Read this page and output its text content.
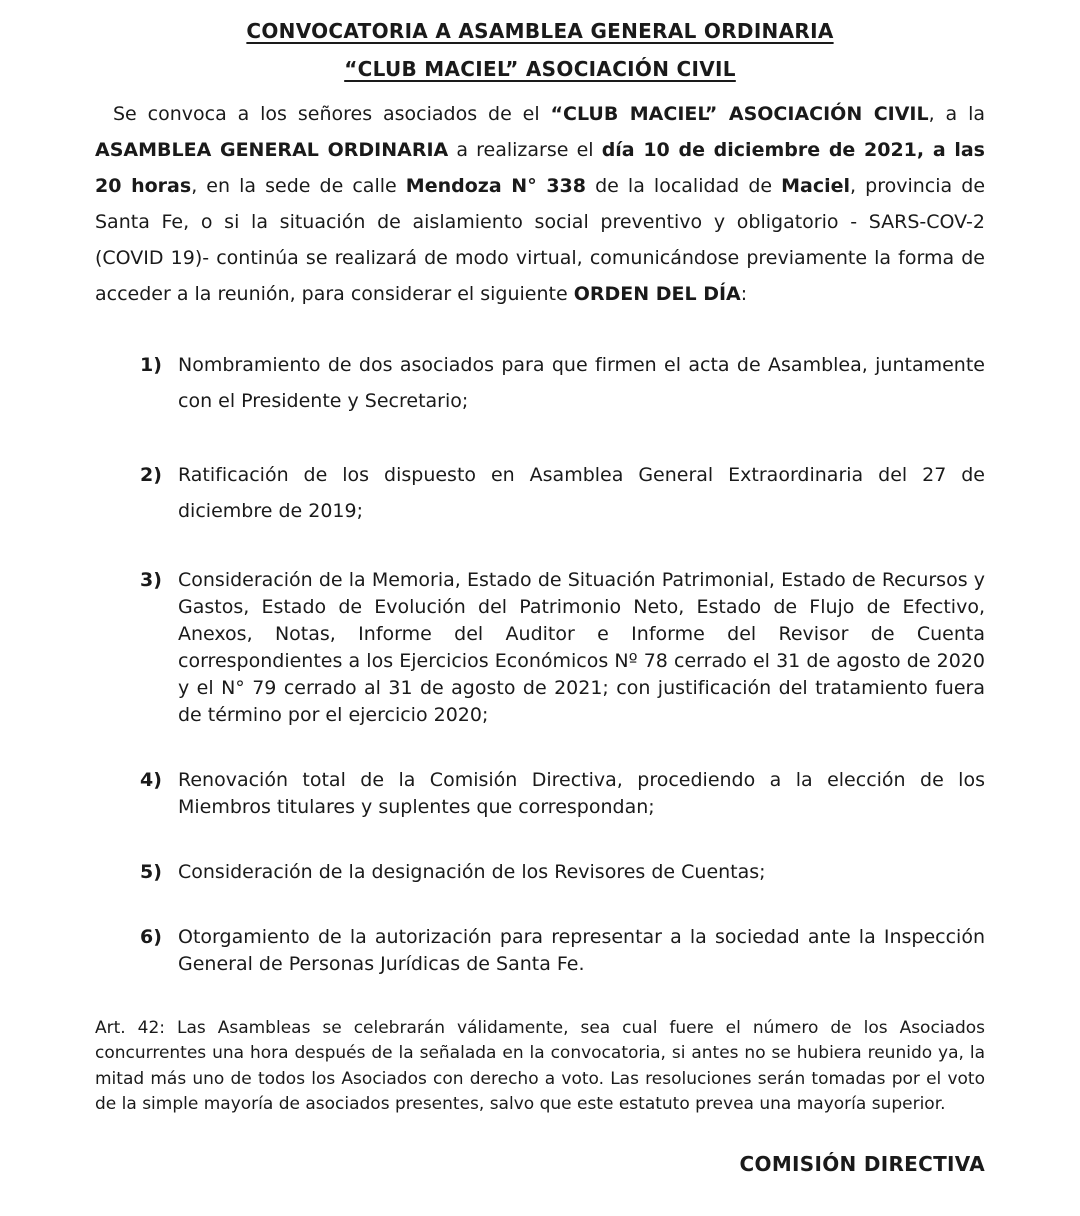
CONVOCATORIA A ASAMBLEA GENERAL ORDINARIA
“CLUB MACIEL” ASOCIACIÓN CIVIL

Se convoca a los señores asociados de el “CLUB MACIEL” ASOCIACIÓN CIVIL, a la ASAMBLEA GENERAL ORDINARIA a realizarse el día 10 de diciembre de 2021, a las 20 horas, en la sede de calle Mendoza N° 338 de la localidad de Maciel, provincia de Santa Fe, o si la situación de aislamiento social preventivo y obligatorio - SARS-COV-2 (COVID 19)- continúa se realizará de modo virtual, comunicándose previamente la forma de acceder a la reunión, para considerar el siguiente ORDEN DEL DÍA:

1) Nombramiento de dos asociados para que firmen el acta de Asamblea, juntamente con el Presidente y Secretario;
2) Ratificación de los dispuesto en Asamblea General Extraordinaria del 27 de diciembre de 2019;
3) Consideración de la Memoria, Estado de Situación Patrimonial, Estado de Recursos y Gastos, Estado de Evolución del Patrimonio Neto, Estado de Flujo de Efectivo, Anexos, Notas, Informe del Auditor e Informe del Revisor de Cuenta correspondientes a los Ejercicios Económicos Nº 78 cerrado el 31 de agosto de 2020 y el N° 79 cerrado al 31 de agosto de 2021; con justificación del tratamiento fuera de término por el ejercicio 2020;
4) Renovación total de la Comisión Directiva, procediendo a la elección de los Miembros titulares y suplentes que correspondan;
5) Consideración de la designación de los Revisores de Cuentas;
6) Otorgamiento de la autorización para representar a la sociedad ante la Inspección General de Personas Jurídicas de Santa Fe.

Art. 42: Las Asambleas se celebrarán válidamente, sea cual fuere el número de los Asociados concurrentes una hora después de la señalada en la convocatoria, si antes no se hubiera reunido ya, la mitad más uno de todos los Asociados con derecho a voto. Las resoluciones serán tomadas por el voto de la simple mayoría de asociados presentes, salvo que este estatuto prevea una mayoría superior.

COMISIÓN DIRECTIVA
